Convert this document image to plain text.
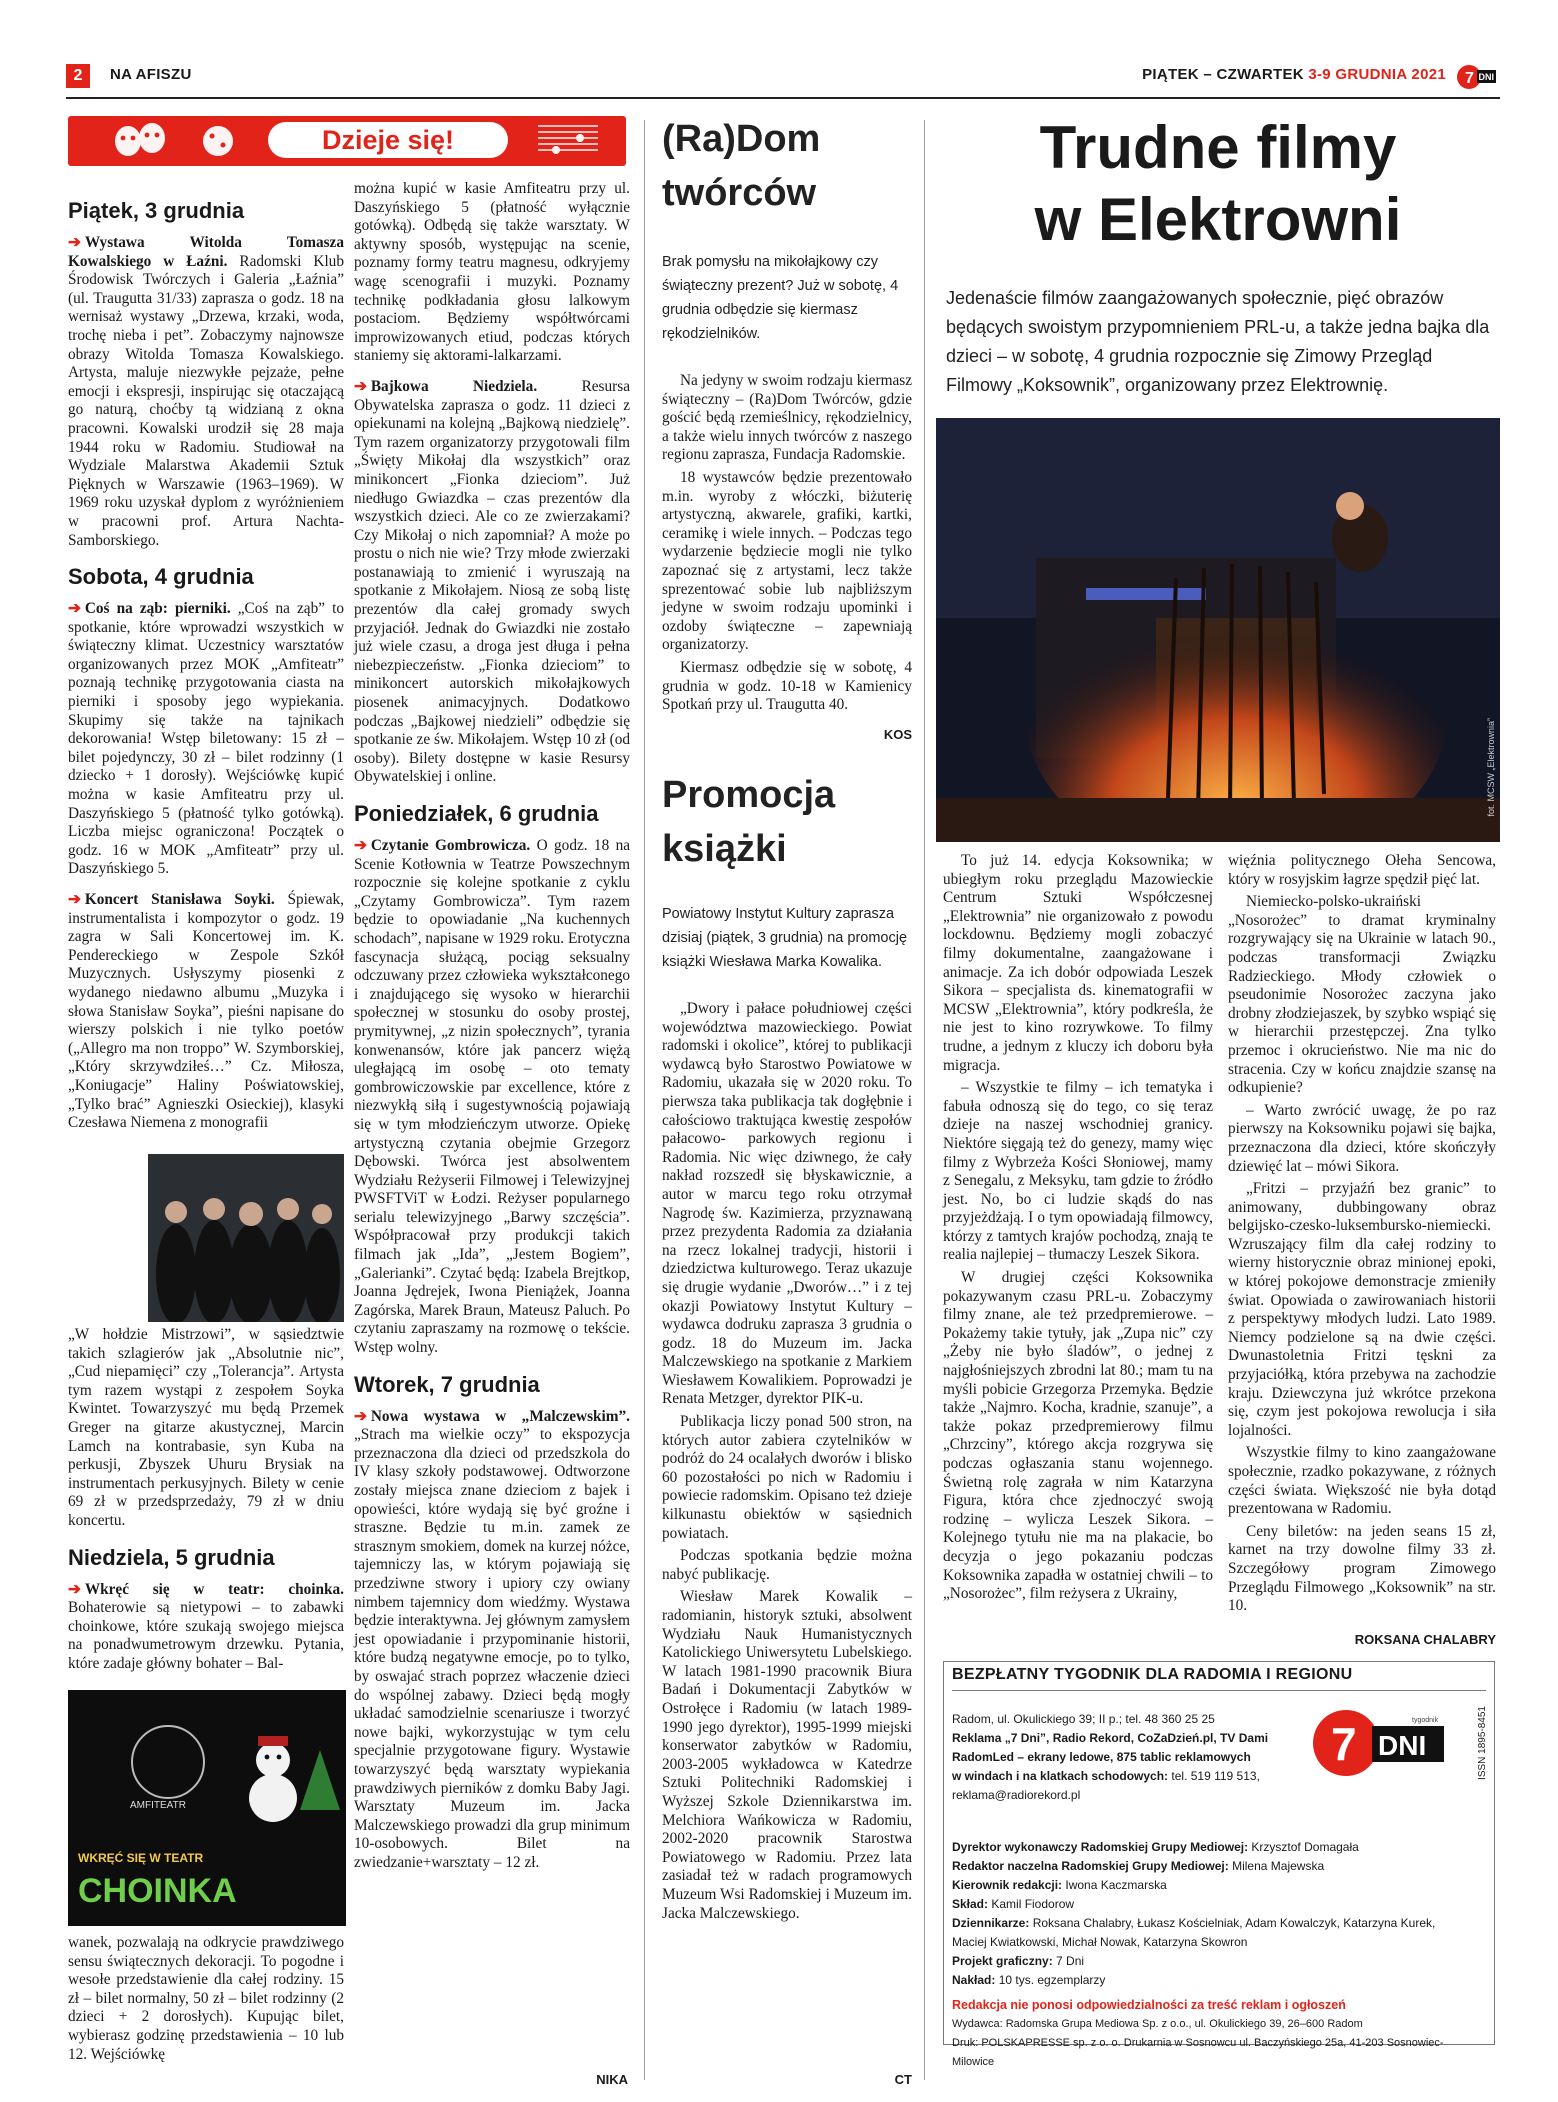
2	NA AFISZU	PIĄTEK – CZWARTEK 3-9 GRUDNIA 2021 7 DNI
Dzieje się!
Piątek, 3 grudnia

➔ Wystawa Witolda Tomasza Kowalskiego w Łaźni. Radomski Klub Środowisk Twórczych i Galeria „Łaźnia” (ul. Traugutta 31/33) zaprasza o godz. 18 na wernisaż wystawy „Drzewa, krzaki, woda, trochę nieba i pet”. Zobaczymy najnowsze obrazy Witolda Tomasza Kowalskiego. Artysta, maluje niezwykłe pejzaże, pełne emocji i ekspresji, inspirując się otaczającą go naturą, choćby tą widzianą z okna pracowni. Kowalski urodził się 28 maja 1944 roku w Radomiu. Studiował na Wydziale Malarstwa Akademii Sztuk Pięknych w Warszawie (1963–1969). W 1969 roku uzyskał dyplom z wyróżnieniem w pracowni prof. Artura Nachta-Samborskiego.

Sobota, 4 grudnia

➔ Coś na ząb: pierniki. „Coś na ząb” to spotkanie, które wprowadzi wszystkich w świąteczny klimat. Uczestnicy warsztatów organizowanych przez MOK „Amfiteatr” poznają technikę przygotowania ciasta na pierniki i sposoby jego wypiekania. Skupimy się także na tajnikach dekorowania! Wstęp biletowany: 15 zł – bilet pojedynczy, 30 zł – bilet rodzinny (1 dziecko + 1 dorosły). Wejściówkę kupić można w kasie Amfiteatru przy ul. Daszyńskiego 5 (płatność tylko gotówką). Liczba miejsc ograniczona! Początek o godz. 16 w MOK „Amfiteatr” przy ul. Daszyńskiego 5.

➔ Koncert Stanisława Soyki. Śpiewak, instrumentalista i kompozytor o godz. 19 zagra w Sali Koncertowej im. K. Pendereckiego w Zespole Szkół Muzycznych. Usłyszymy piosenki z wydanego niedawno albumu „Muzyka i słowa Stanisław Soyka”, pieśni napisane do wierszy polskich i nie tylko poetów („Allegro ma non troppo” W. Szymborskiej, „Który skrzywdziłeś…” Cz. Miłosza, „Koniugacje” Haliny Poświatowskiej, „Tylko brać” Agnieszki Osieckiej), klasyki Czesława Niemena z monografii

„W hołdzie Mistrzowi”, w sąsiedztwie takich szlagierów jak „Absolutnie nic”, „Cud niepamięci” czy „Tolerancja”. Artysta tym razem wystąpi z zespołem Soyka Kwintet. Towarzyszyć mu będą Przemek Greger na gitarze akustycznej, Marcin Lamch na kontrabasie, syn Kuba na perkusji, Zbyszek Uhuru Brysiak na instrumentach perkusyjnych. Bilety w cenie 69 zł w przedsprzedaży, 79 zł w dniu koncertu.

Niedziela, 5 grudnia

➔ Wkręć się w teatr: choinka. Bohaterowie są nietypowi – to zabawki choinkowe, które szukają swojego miejsca na ponadwumetrowym drzewku. Pytania, które zadaje główny bohater – Bal-

AMFITEATR
WKRĘĆ SIĘ W TEATR
CHOINKA

wanek, pozwalają na odkrycie prawdziwego sensu świątecznych dekoracji. To pogodne i wesołe przedstawienie dla całej rodziny. 15 zł – bilet normalny, 50 zł – bilet rodzinny (2 dzieci + 2 dorosłych). Kupując bilet, wybierasz godzinę przedstawienia – 10 lub 12. Wejściówkę

można kupić w kasie Amfiteatru przy ul. Daszyńskiego 5 (płatność wyłącznie gotówką). Odbędą się także warsztaty. W aktywny sposób, występując na scenie, poznamy formy teatru magnesu, odkryjemy wagę scenografii i muzyki. Poznamy technikę podkładania głosu lalkowym postaciom. Będziemy współtwórcami improwizowanych etiud, podczas których staniemy się aktorami-lalkarzami.

➔ Bajkowa Niedziela.	Resursa Obywatelska zaprasza o godz. 11 dzieci z opiekunami na kolejną „Bajkową niedzielę”. Tym razem organizatorzy przygotowali film „Święty Mikołaj dla wszystkich” oraz minikoncert „Fionka dzieciom”. Już niedługo Gwiazdka – czas prezentów dla wszystkich dzieci. Ale co ze zwierzakami? Czy Mikołaj o nich zapomniał? A może po prostu o nich nie wie? Trzy młode zwierzaki postanawiają to zmienić i wyruszają na spotkanie z Mikołajem. Niosą ze sobą listę prezentów dla całej gromady swych przyjaciół. Jednak do Gwiazdki nie zostało już wiele czasu, a droga jest długa i pełna niebezpieczeństw. „Fionka dzieciom” to minikoncert autorskich mikołajkowych piosenek animacyjnych. Dodatkowo podczas „Bajkowej niedzieli” odbędzie się spotkanie ze św. Mikołajem. Wstęp 10 zł (od osoby). Bilety dostępne w kasie Resursy Obywatelskiej i online.

Poniedziałek, 6 grudnia

➔ Czytanie Gombrowicza. O godz. 18 na Scenie Kotłownia w Teatrze Powszechnym rozpocznie się kolejne spotkanie z cyklu „Czytamy Gombrowicza”. Tym razem będzie to opowiadanie „Na kuchennych schodach”, napisane w 1929 roku. Erotyczna fascynacja służącą, pociąg seksualny odczuwany przez człowieka wykształconego i znajdującego się wysoko w hierarchii społecznej w stosunku do osoby prostej, prymitywnej, „z nizin społecznych”, tyrania konwenansów, które jak pancerz więżą uległającą im osobę – oto tematy gombrowiczowskie par excellence, które z niezwykłą siłą i sugestywnością pojawiają się w tym młodzieńczym utworze. Opiekę artystyczną czytania obejmie Grzegorz Dębowski. Twórca jest absolwentem Wydziału Reżyserii Filmowej i Telewizyjnej PWSFTViT w Łodzi. Reżyser popularnego serialu telewizyjnego „Barwy szczęścia”. Współpracował przy produkcji takich filmach jak „Ida”, „Jestem Bogiem”, „Galerianki”. Czytać będą: Izabela Brejtkop, Joanna Jędrejek, Iwona Pieniążek, Joanna Zagórska, Marek Braun, Mateusz Paluch. Po czytaniu zapraszamy na rozmowę o tekście. Wstęp wolny.

Wtorek, 7 grudnia

➔ Nowa wystawa w „Malczewskim”. „Strach ma wielkie oczy” to ekspozycja przeznaczona dla dzieci od przedszkola do IV klasy szkoły podstawowej. Odtworzone zostały miejsca znane dzieciom z bajek i opowieści, które wydają się być groźne i straszne. Będzie tu m.in. zamek ze strasznym smokiem, domek na kurzej nóżce, tajemniczy las, w którym pojawiają się przedziwne stwory i upiory czy owiany nimbem tajemnicy dom wiedźmy. Wystawa będzie interaktywna. Jej głównym zamysłem jest opowiadanie i przypominanie historii, które budzą negatywne emocje, po to tylko, by oswajać strach poprzez właczenie dzieci do wspólnej zabawy. Dzieci będą mogły układać samodzielnie scenariusze i tworzyć nowe bajki, wykorzystując w tym celu specjalnie przygotowane figury. Wystawie towarzyszyć będą warsztaty wypiekania prawdziwych pierników z domku Baby Jagi. Warsztaty Muzeum im. Jacka Malczewskiego prowadzi dla grup minimum 10-osobowych. Bilet na zwiedzanie+warsztaty – 12 zł.

NIKA
(Ra)Dom
twórców
Brak pomysłu na mikołajkowy czy świąteczny prezent? Już w sobotę, 4 grudnia odbędzie się kiermasz rękodzielników.

Na jedyny w swoim rodzaju kiermasz świąteczny – (Ra)Dom Twórców, gdzie gościć będą rzemieślnicy, rękodzielnicy, a także wielu innych twórców z naszego regionu zaprasza, Fundacja Radomskie.

18 wystawców będzie prezentowało m.in. wyroby z włóczki, biżuterię artystyczną, akwarele, grafiki, kartki, ceramikę i wiele innych. – Podczas tego wydarzenie będziecie mogli nie tylko zapoznać się z artystami, lecz także sprezentować sobie lub najbliższym jedyne w swoim rodzaju upominki i ozdoby świąteczne – zapewniają organizatorzy.

Kiermasz odbędzie się w sobotę, 4 grudnia w godz. 10-18 w Kamienicy Spotkań przy ul. Traugutta 40.

KOS
Promocja
książki
Powiatowy Instytut Kultury zaprasza dzisiaj (piątek, 3 grudnia) na promocję książki Wiesława Marka Kowalika.

„Dwory i pałace południowej części województwa mazowieckiego. Powiat radomski i okolice”, której to publikacji wydawcą było Starostwo Powiatowe w Radomiu, ukazała się w 2020 roku. To pierwsza taka publikacja tak dogłębnie i całościowo traktująca kwestię zespołów pałacowo- parkowych regionu i Radomia. Nic więc dziwnego, że cały nakład rozszedł się błyskawicznie, a autor w marcu tego roku otrzymał Nagrodę św. Kazimierza, przyznawaną przez prezydenta Radomia za działania na rzecz lokalnej tradycji, historii i dziedzictwa kulturowego. Teraz ukazuje się drugie wydanie „Dworów…” i z tej okazji Powiatowy Instytut Kultury – wydawca dodruku zaprasza 3 grudnia o godz. 18 do Muzeum im. Jacka Malczewskiego na spotkanie z Markiem Wiesławem Kowalikiem. Poprowadzi je Renata Metzger, dyrektor PIK-u.

Publikacja liczy ponad 500 stron, na których autor zabiera czytelników w podróż do 24 ocalałych dworów i blisko 60 pozostałości po nich w Radomiu i powiecie radomskim. Opisano też dzieje kilkunastu obiektów w sąsiednich powiatach.

Podczas spotkania będzie można nabyć publikację.

Wiesław Marek Kowalik – radomianin, historyk sztuki, absolwent Wydziału Nauk Humanistycznych Katolickiego Uniwersytetu Lubelskiego. W latach 1981-1990 pracownik Biura Badań i Dokumentacji Zabytków w Ostrołęce i Radomiu (w latach 1989-1990 jego dyrektor), 1995-1999 miejski konserwator zabytków w Radomiu, 2003-2005 wykładowca w Katedrze Sztuki Politechniki Radomskiej i Wyższej Szkole Dziennikarstwa im. Melchiora Wańkowicza w Radomiu, 2002-2020 pracownik Starostwa Powiatowego w Radomiu. Przez lata zasiadał też w radach programowych Muzeum Wsi Radomskiej i Muzeum im. Jacka Malczewskiego.

CT
Trudne filmy
w Elektrowni
Jedenaście filmów zaangażowanych społecznie, pięć obrazów będących swoistym przypomnieniem PRL-u, a także jedna bajka dla dzieci – w sobotę, 4 grudnia rozpocznie się Zimowy Przegląd Filmowy „Koksownik”, organizowany przez Elektrownię.
fot. MCSW „Elektrownia”

To już 14. edycja Koksownika; w ubiegłym roku przeglądu Mazowieckie Centrum Sztuki Współczesnej „Elektrownia” nie organizowało z powodu lockdownu. Będziemy mogli zobaczyć filmy dokumentalne, zaangażowane i animacje. Za ich dobór odpowiada Leszek Sikora – specjalista ds. kinematografii w MCSW „Elektrownia”, który podkreśla, że nie jest to kino rozrywkowe. To filmy trudne, a jednym z kluczy ich doboru była migracja.

– Wszystkie te filmy – ich tematyka i fabuła odnoszą się do tego, co się teraz dzieje na naszej wschodniej granicy. Niektóre sięgają też do genezy, mamy więc filmy z Wybrzeża Kości Słoniowej, mamy z Senegalu, z Meksyku, tam gdzie to źródło jest. No, bo ci ludzie skądś do nas przyjeżdżają. I o tym opowiadają filmowcy, którzy z tamtych krajów pochodzą, znają te realia najlepiej – tłumaczy Leszek Sikora.

W drugiej części Koksownika pokazywanym czasu PRL-u. Zobaczymy filmy znane, ale też przedpremierowe. – Pokażemy takie tytuły, jak „Zupa nic” czy „Żeby nie było śladów”, o jednej z najgłośniejszych zbrodni lat 80.; mam tu na myśli pobicie Grzegorza Przemyka. Będzie także „Najmro. Kocha, kradnie, szanuje”, a także pokaz przedpremierowy filmu „Chrzciny”, którego akcja rozgrywa się podczas ogłaszania stanu wojennego. Świetną rolę zagrała w nim Katarzyna Figura, która chce zjednoczyć swoją rodzinę – wylicza Leszek Sikora. – Kolejnego tytułu nie ma na plakacie, bo decyzja o jego pokazaniu podczas Koksownika zapadła w ostatniej chwili – to „Nosorożec”, film reżysera z Ukrainy,

więźnia politycznego Ołeha Sencowa, który w rosyjskim łagrze spędził pięć lat.

Niemiecko-polsko-ukraiński „Nosorożec” to dramat kryminalny rozgrywający się na Ukrainie w latach 90., podczas transformacji Związku Radzieckiego. Młody człowiek o pseudonimie Nosorożec zaczyna jako drobny złodziejaszek, by szybko wspiąć się w hierarchii przestępczej. Zna tylko przemoc i okrucieństwo. Nie ma nic do stracenia. Czy w końcu znajdzie szansę na odkupienie?

– Warto zwrócić uwagę, że po raz pierwszy na Koksowniku pojawi się bajka, przeznaczona dla dzieci, które skończyły dziewięć lat – mówi Sikora.

„Fritzi – przyjaźń bez granic” to animowany, dubbingowany obraz belgijsko-czesko-luksembursko-niemiecki. Wzruszający film dla całej rodziny to wierny historycznie obraz minionej epoki, w której pokojowe demonstracje zmieniły świat. Opowiada o zawirowaniach historii z perspektywy młodych ludzi. Lato 1989. Niemcy podzielone są na dwie części. Dwunastoletnia Fritzi tęskni za przyjaciółką, która przebywa na zachodzie kraju. Dziewczyna już wkrótce przekona się, czym jest pokojowa rewolucja i siła lojalności.

Wszystkie filmy to kino zaangażowane społecznie, rzadko pokazywane, z różnych części świata. Większość nie była dotąd prezentowana w Radomiu.

Ceny biletów: na jeden seans 15 zł, karnet na trzy dowolne filmy 33 zł. Szczegółowy program Zimowego Przeglądu Filmowego „Koksownik” na str. 10.

ROKSANA CHALABRY
BEZPŁATNY TYGODNIK DLA RADOMIA I REGIONU
ISSN 1895-8451
Radom, ul. Okulickiego 39; II p.; tel. 48 360 25 25
Reklama „7 Dni”, Radio Rekord, CoZaDzień.pl, TV Dami
RadomLed – ekrany ledowe, 875 tablic reklamowych
w windach i na klatkach schodowych: tel. 519 119 513,
reklama@radiorekord.pl
7 DNI
tygodnik
Dyrektor wykonawczy Radomskiej Grupy Mediowej: Krzysztof Domagała
Redaktor naczelna Radomskiej Grupy Mediowej: Milena Majewska
Kierownik redakcji: Iwona Kaczmarska
Skład: Kamil Fiodorow
Dziennikarze: Roksana Chalabry, Łukasz Kościelniak, Adam Kowalczyk, Katarzyna Kurek,
Maciej Kwiatkowski, Michał Nowak, Katarzyna Skowron
Projekt graficzny: 7 Dni
Nakład: 10 tys. egzemplarzy
Redakcja nie ponosi odpowiedzialności za treść reklam i ogłoszeń
Wydawca: Radomska Grupa Mediowa Sp. z o.o., ul. Okulickiego 39, 26–600 Radom
Druk: POLSKAPRESSE sp. z o. o. Drukarnia w Sosnowcu ul. Baczyńskiego 25a, 41-203 Sosnowiec-Milowice
